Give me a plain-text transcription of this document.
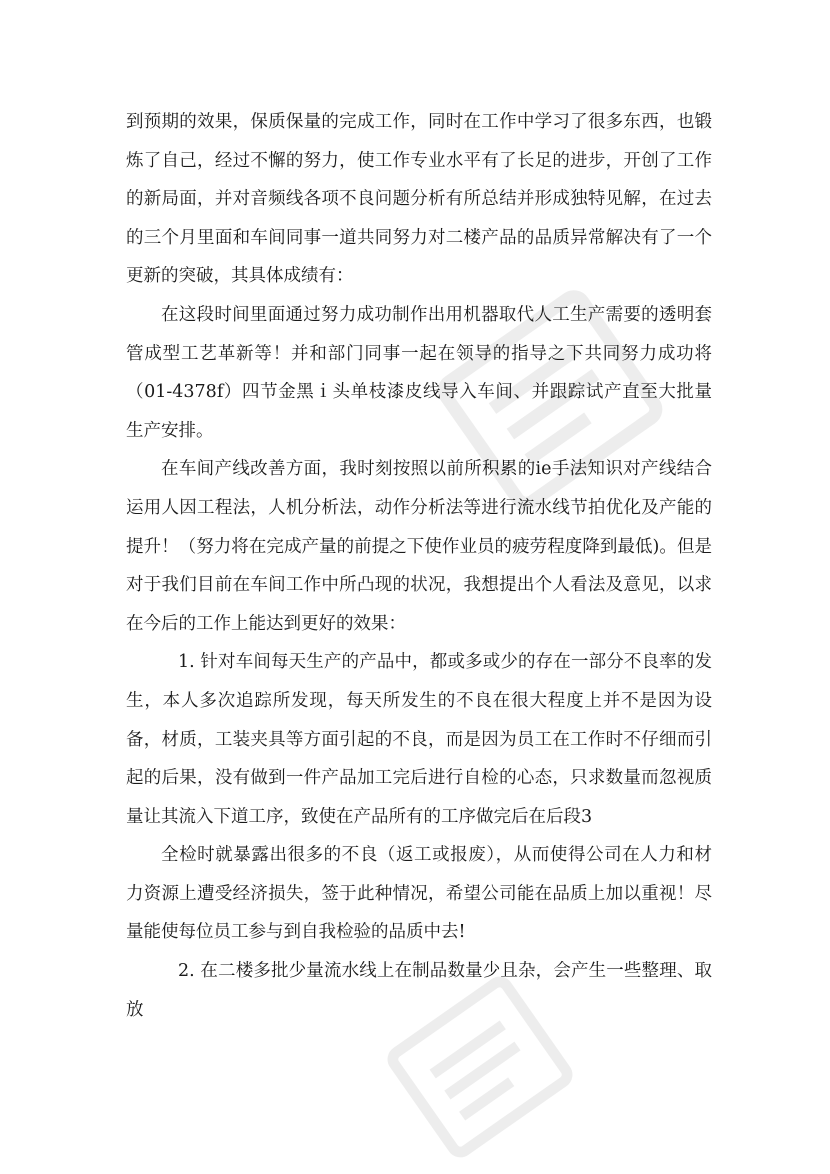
到预期的效果，保质保量的完成工作，同时在工作中学习了很多东西，也锻炼了自己，经过不懈的努力，使工作专业水平有了长足的进步，开创了工作的新局面，并对音频线各项不良问题分析有所总结并形成独特见解，在过去的三个月里面和车间同事一道共同努力对二楼产品的品质异常解决有了一个更新的突破，其具体成绩有：

在这段时间里面通过努力成功制作出用机器取代人工生产需要的透明套管成型工艺革新等！并和部门同事一起在领导的指导之下共同努力成功将（01-4378f）四节金黑ｉ头单枝漆皮线导入车间、并跟踪试产直至大批量生产安排。

在车间产线改善方面，我时刻按照以前所积累的ie手法知识对产线结合运用人因工程法，人机分析法，动作分析法等进行流水线节拍优化及产能的提升！（努力将在完成产量的前提之下使作业员的疲劳程度降到最低)。但是对于我们目前在车间工作中所凸现的状况，我想提出个人看法及意见，以求在今后的工作上能达到更好的效果：

1. 针对车间每天生产的产品中，都或多或少的存在一部分不良率的发生，本人多次追踪所发现，每天所发生的不良在很大程度上并不是因为设备，材质，工装夹具等方面引起的不良，而是因为员工在工作时不仔细而引起的后果，没有做到一件产品加工完后进行自检的心态，只求数量而忽视质量让其流入下道工序，致使在产品所有的工序做完后在后段3

全检时就暴露出很多的不良（返工或报废），从而使得公司在人力和材力资源上遭受经济损失，签于此种情况，希望公司能在品质上加以重视！尽量能使每位员工参与到自我检验的品质中去!

2. 在二楼多批少量流水线上在制品数量少且杂，会产生一些整理、取放
